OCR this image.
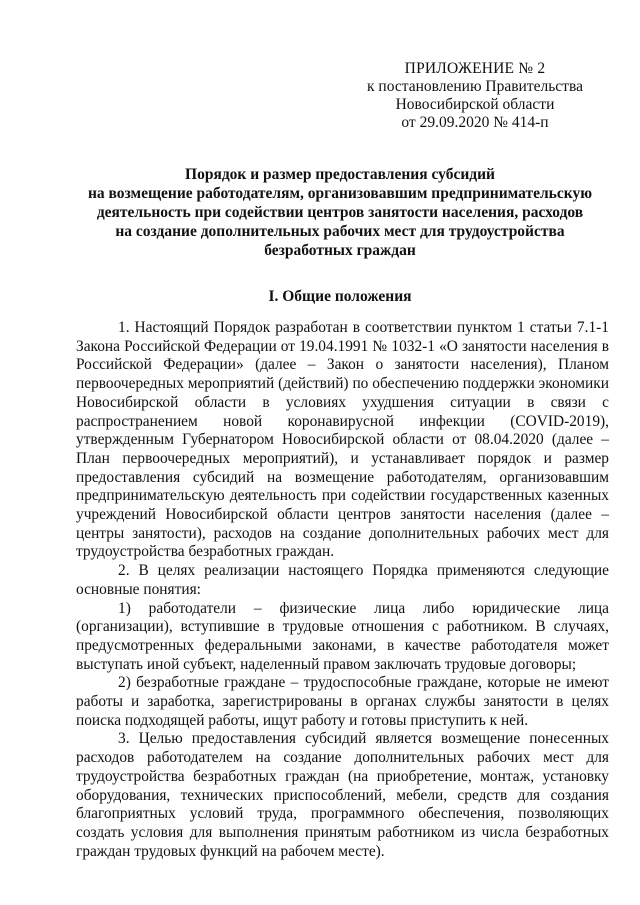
ПРИЛОЖЕНИЕ № 2
к постановлению Правительства
Новосибирской области
от 29.09.2020 № 414-п
Порядок и размер предоставления субсидий
на возмещение работодателям, организовавшим предпринимательскую
деятельность при содействии центров занятости населения, расходов
на создание дополнительных рабочих мест для трудоустройства
безработных граждан
I. Общие положения

1. Настоящий Порядок разработан в соответствии пунктом 1 статьи 7.1-1 Закона Российской Федерации от 19.04.1991 № 1032-1 «О занятости населения в Российской Федерации» (далее – Закон о занятости населения), Планом первоочередных мероприятий (действий) по обеспечению поддержки экономики Новосибирской области в условиях ухудшения ситуации в связи с распространением новой коронавирусной инфекции (COVID-2019), утвержденным Губернатором Новосибирской области от 08.04.2020 (далее – План первоочередных мероприятий), и устанавливает порядок и размер предоставления субсидий на возмещение работодателям, организовавшим предпринимательскую деятельность при содействии государственных казенных учреждений Новосибирской области центров занятости населения (далее – центры занятости), расходов на создание дополнительных рабочих мест для трудоустройства безработных граждан.

2. В целях реализации настоящего Порядка применяются следующие основные понятия:

1) работодатели – физические лица либо юридические лица (организации), вступившие в трудовые отношения с работником. В случаях, предусмотренных федеральными законами, в качестве работодателя может выступать иной субъект, наделенный правом заключать трудовые договоры;

2) безработные граждане – трудоспособные граждане, которые не имеют работы и заработка, зарегистрированы в органах службы занятости в целях поиска подходящей работы, ищут работу и готовы приступить к ней.

3. Целью предоставления субсидий является возмещение понесенных расходов работодателем на создание дополнительных рабочих мест для трудоустройства безработных граждан (на приобретение, монтаж, установку оборудования, технических приспособлений, мебели, средств для создания благоприятных условий труда, программного обеспечения, позволяющих создать условия для выполнения принятым работником из числа безработных граждан трудовых функций на рабочем месте).
